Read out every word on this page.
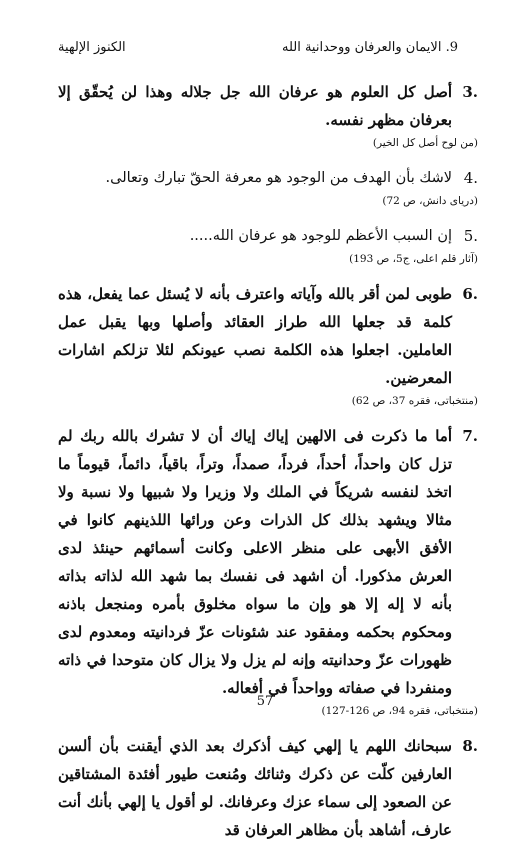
9. الایمان والعرفان ووحدانية الله
الكنوز الإلهية
3.
أصل كل العلوم هو عرفان الله جل جلاله وهذا لن يُحقّق إلا بعرفان مظهر نفسه.
(من لوح أصل كل الخير)
4.
لاشك بأن الهدف من الوجود هو معرفة الحقّ تبارك وتعالى.
(دريای دانش، ص 72)
5.
إن السبب الأعظم للوجود هو عرفان الله.....
(آثار قلم اعلى، ج5، ص 193)
6.
طوبى لمن أقر بالله وآياته واعترف بأنه لا يُسئل عما يفعل، هذه كلمة قد جعلها الله طراز العقائد وأصلها وبها يقبل عمل العاملين. اجعلوا هذه الكلمة نصب عيونكم لئلا تزلكم اشارات المعرضين.
(منتخباتى، فقره 37، ص 62)
7.
أما ما ذكرت فى الالهين إياك إياك أن لا تشرك بالله ربك لم تزل كان واحداً، أحداً، فرداً، صمداً، وتراً، باقياً، دائماً، قيوماً ما اتخذ لنفسه شريكاً في الملك ولا وزيرا ولا شبيها ولا نسبة ولا مثالا ويشهد بذلك كل الذرات وعن ورائها اللذينهم كانوا في الأفق الأبهى على منظر الاعلى وكانت أسمائهم حينئذ لدى العرش مذكورا. أن اشهد فى نفسك بما شهد الله لذاته بذاته بأنه لا إله إلا هو وإن ما سواه مخلوق بأمره ومنجعل باذنه ومحكوم بحكمه ومفقود عند شئونات عزّ فردانيته ومعدوم لدى ظهورات عزّ وحدانيته وإنه لم يزل ولا يزال كان متوحدا في ذاته ومنفردا في صفاته وواحداً في أفعاله.
(منتخباتى، فقره 94، ص 126-127)
8.
سبحانك اللهم يا إلهي كيف أذكرك بعد الذي أيقنت بأن ألسن العارفين كلّت عن ذكرك وثنائك ومُنعت طيور أفئدة المشتاقين عن الصعود إلى سماء عزك وعرفانك. لو أقول يا إلهي بأنك أنت عارف، أشاهد بأن مظاهر العرفان قد
57
